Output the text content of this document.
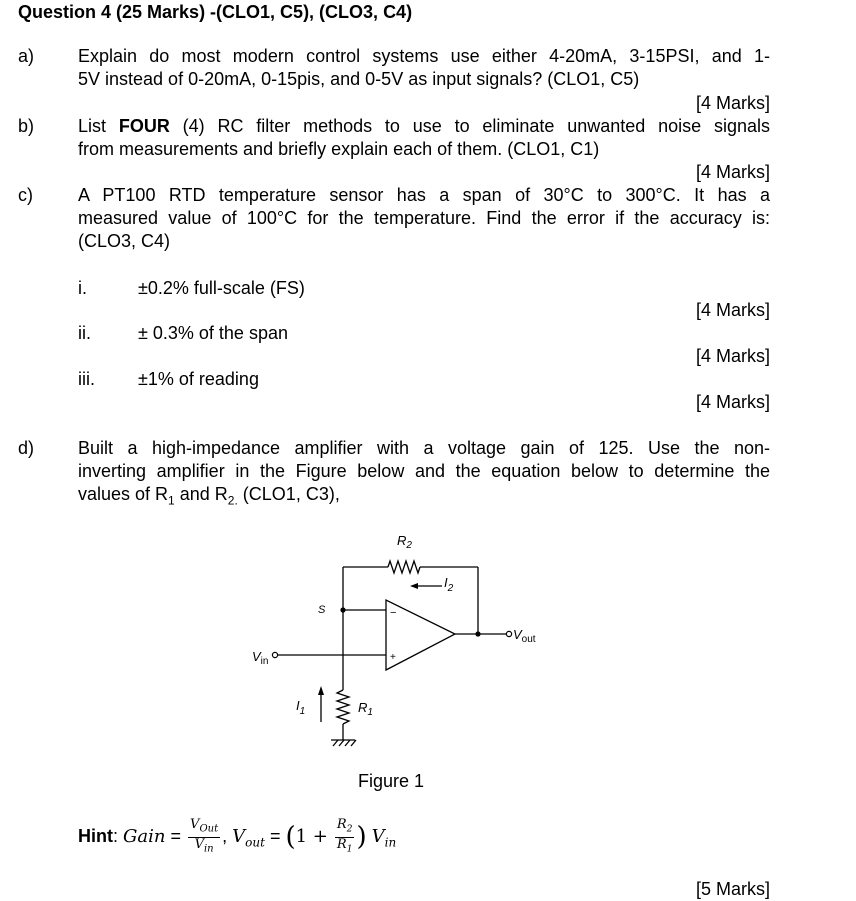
Question 4 (25 Marks) -(CLO1, C5), (CLO3, C4)
a) Explain do most modern control systems use either 4-20mA, 3-15PSI, and 1-
5V instead of 0-20mA, 0-15pis, and 0-5V as input signals? (CLO1, C5)
[4 Marks]
b) List FOUR (4) RC filter methods to use to eliminate unwanted noise signals
from measurements and briefly explain each of them. (CLO1, C1)
[4 Marks]
c)	A PT100 RTD temperature sensor has a span of 30°C to 300°C. It has a
measured value of 100°C for the temperature. Find the error if the accuracy is:
(CLO3, C4)
i.	±0.2% full-scale (FS)
[4 Marks]
ii.	± 0.3% of the span
[4 Marks]
iii. ±1% of reading
[4 Marks]
d) Built a high-impedance amplifier with a voltage gain of 125. Use the non-
inverting amplifier in the Figure below and the equation below to determine the
values of $R_1$ and $R_{2.}$ (CLO1, C3),
$R_2$
$I_2$
S	−
+
$V_{out}$
$V_{in}$
$I_1$	$R_1$
Figure 1
Hint: Gain = $\frac{V_{Out}}{V_{in}}$ , $V_{out} = (1 + \frac{R_2}{R_1}$ ) $V_{in}$
[5 Marks]
